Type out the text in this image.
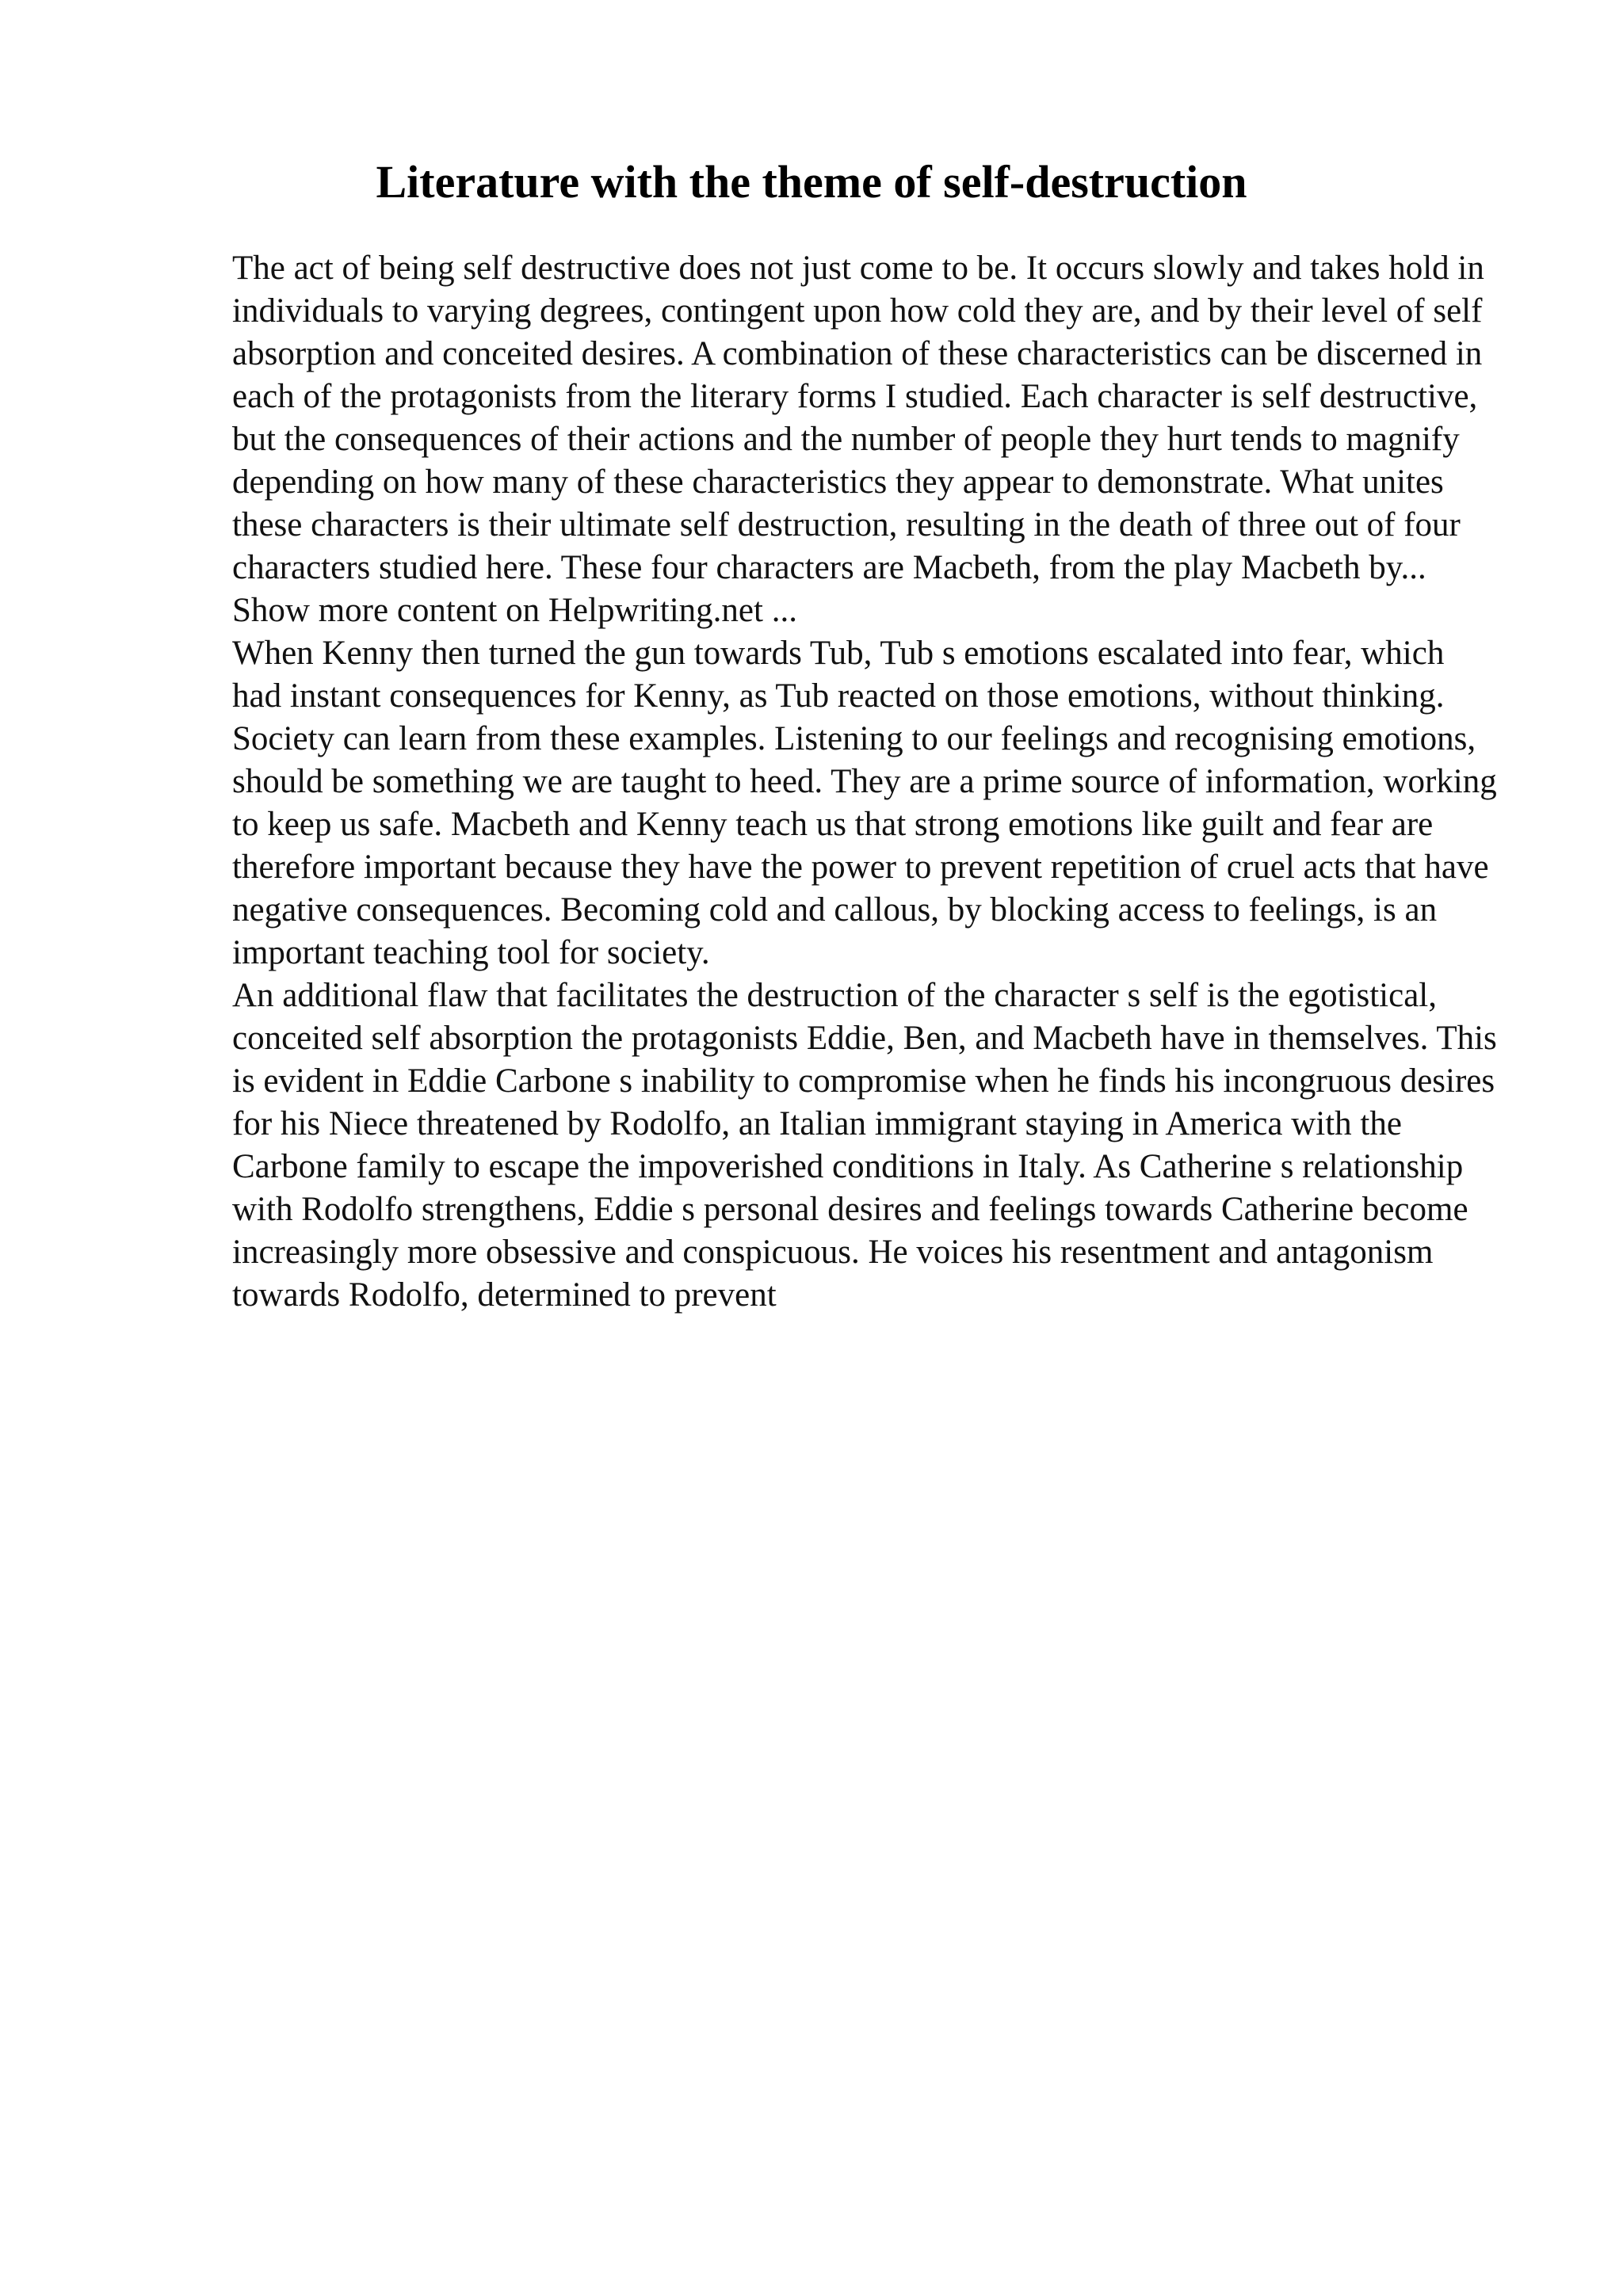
Literature with the theme of self-destruction

The act of being self destructive does not just come to be. It occurs slowly and takes hold in individuals to varying degrees, contingent upon how cold they are, and by their level of self absorption and conceited desires. A combination of these characteristics can be discerned in each of the protagonists from the literary forms I studied. Each character is self destructive, but the consequences of their actions and the number of people they hurt tends to magnify depending on how many of these characteristics they appear to demonstrate. What unites these characters is their ultimate self destruction, resulting in the death of three out of four characters studied here. These four characters are Macbeth, from the play Macbeth by... Show more content on Helpwriting.net ...

When Kenny then turned the gun towards Tub, Tub s emotions escalated into fear, which had instant consequences for Kenny, as Tub reacted on those emotions, without thinking. Society can learn from these examples. Listening to our feelings and recognising emotions, should be something we are taught to heed. They are a prime source of information, working to keep us safe. Macbeth and Kenny teach us that strong emotions like guilt and fear are therefore important because they have the power to prevent repetition of cruel acts that have negative consequences. Becoming cold and callous, by blocking access to feelings, is an important teaching tool for society.

An additional flaw that facilitates the destruction of the character s self is the egotistical, conceited self absorption the protagonists Eddie, Ben, and Macbeth have in themselves. This is evident in Eddie Carbone s inability to compromise when he finds his incongruous desires for his Niece threatened by Rodolfo, an Italian immigrant staying in America with the Carbone family to escape the impoverished conditions in Italy. As Catherine s relationship with Rodolfo strengthens, Eddie s personal desires and feelings towards Catherine become increasingly more obsessive and conspicuous. He voices his resentment and antagonism towards Rodolfo, determined to prevent
